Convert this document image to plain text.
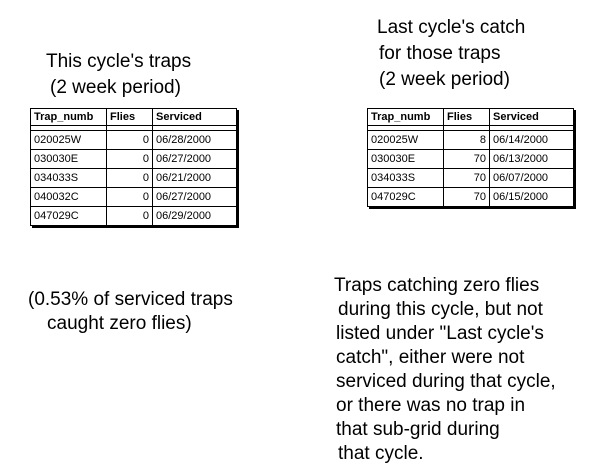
This cycle's traps
(2 week period)
Last cycle's catch
for those traps
(2 week period)
Trap_numb	Flies	Serviced

020025W	0	06/28/2000
030030E	0	06/27/2000
034033S	0	06/21/2000
040032C	0	06/27/2000
047029C	0	06/29/2000
Trap_numb	Flies	Serviced

020025W	8	06/14/2000
030030E	70	06/13/2000
034033S	70	06/07/2000
047029C	70	06/15/2000
(0.53% of serviced traps
caught zero flies)
Traps catching zero flies
during this cycle, but not
listed under "Last cycle's
catch", either were not
serviced during that cycle,
or there was no trap in
that sub-grid during
that cycle.
